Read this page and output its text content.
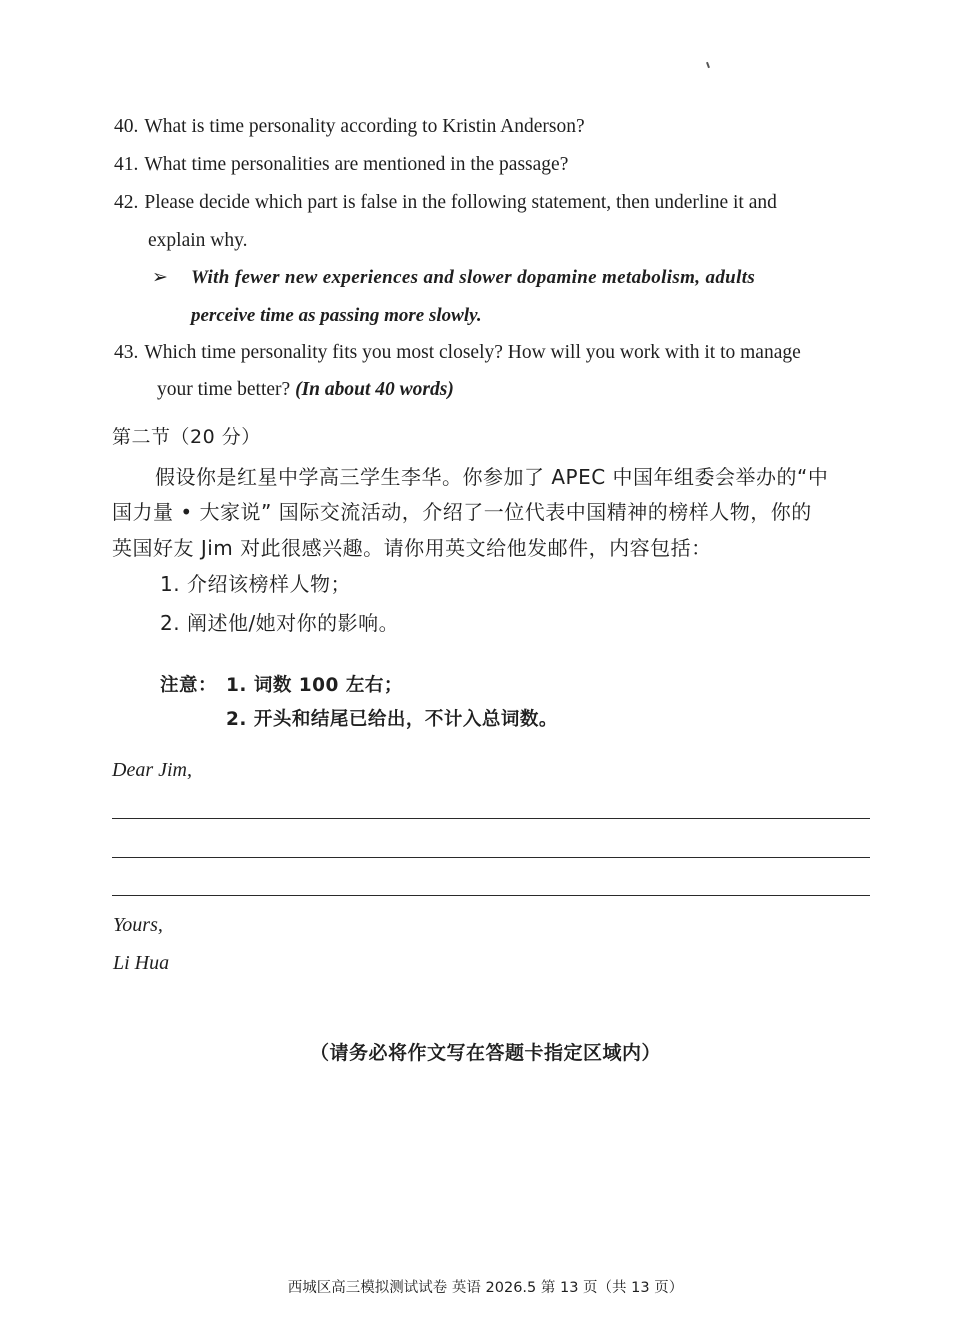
40. What is time personality according to Kristin Anderson?
41. What time personalities are mentioned in the passage?
42. Please decide which part is false in the following statement, then underline it and
explain why.
➢ With fewer new experiences and slower dopamine metabolism, adults
perceive time as passing more slowly.
43. Which time personality fits you most closely? How will you work with it to manage
your time better? (In about 40 words)
第二节（20 分）
假设你是红星中学高三学生李华。你参加了 APEC 中国年组委会举办的“中
国力量 • 大家说” 国际交流活动，介绍了一位代表中国精神的榜样人物，你的
英国好友 Jim 对此很感兴趣。请你用英文给他发邮件，内容包括：
1. 介绍该榜样人物；
2. 阐述他/她对你的影响。
注意： 1. 词数 100 左右；
2. 开头和结尾已给出，不计入总词数。
Dear Jim,
Yours,
Li Hua
（请务必将作文写在答题卡指定区域内）
西城区高三模拟测试试卷 英语 2026.5 第 13 页（共 13 页）
